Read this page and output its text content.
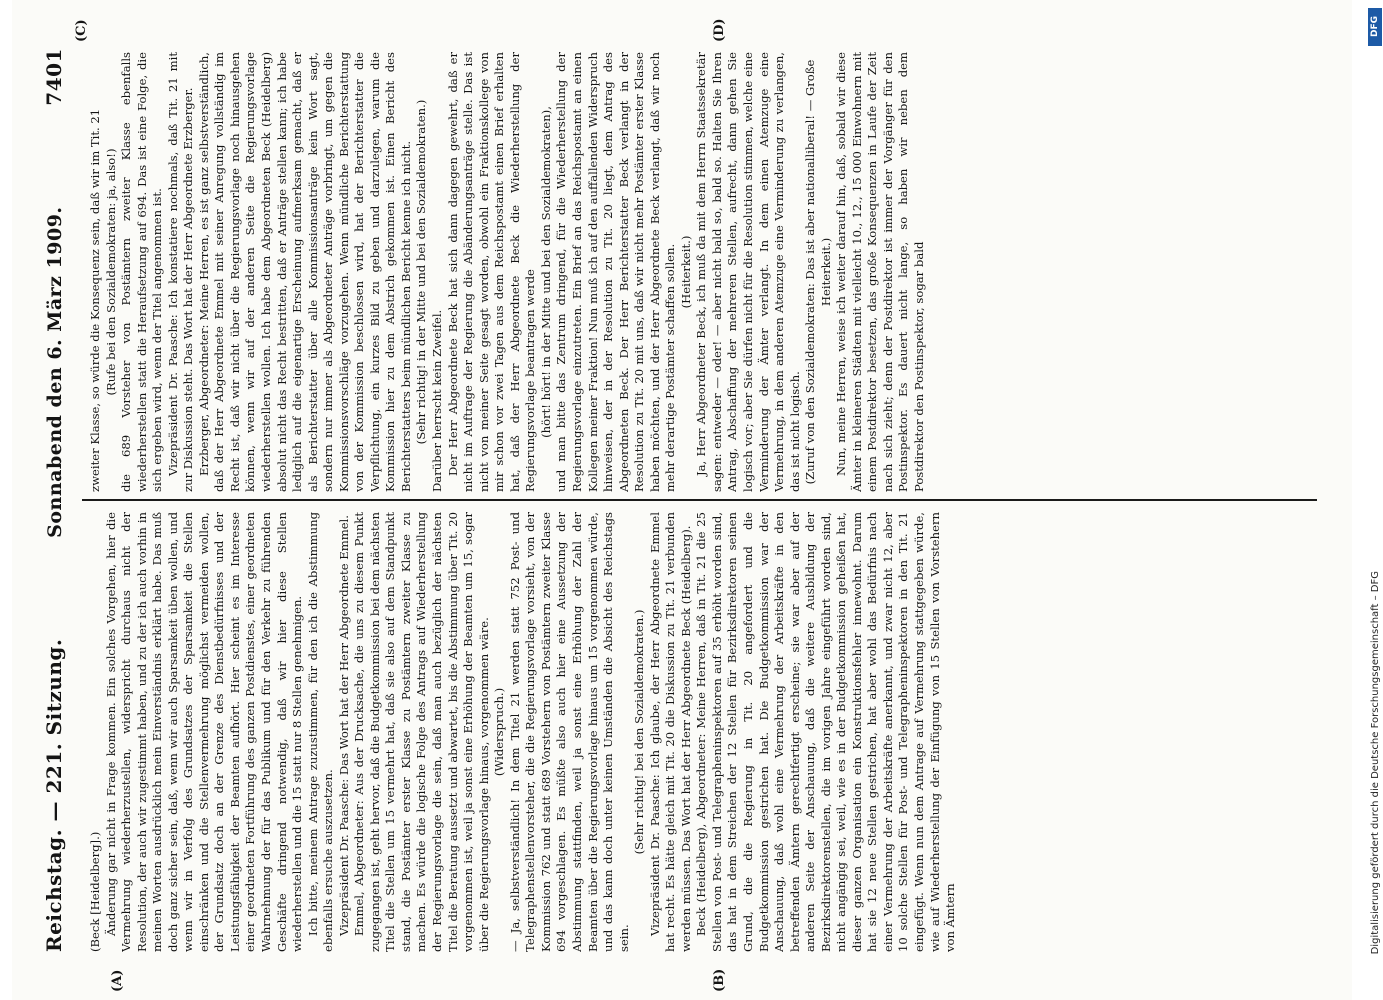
Reichstag. — 221. Sitzung.
Sonnabend den 6. März 1909.
7401
(A)	(B)
(C)	(D)

(Beck [Heidelberg].) Änderung gar nicht in Frage kommen. Ein solches Vorgehen, hier die Vermehrung wiederherzustellen, widerspricht durchaus nicht der Resolution, der auch wir zugestimmt haben, und zu der ich auch vorhin in meinen Worten ausdrücklich mein Einverständnis erklärt habe. Das muß doch ganz sicher sein, daß, wenn wir auch Sparsamkeit üben wollen, und wenn wir in Verfolg des Grundsatzes der Sparsamkeit die Stellen einschränken und die Stellenvermehrung möglichst vermeiden wollen, der Grundsatz doch an der Grenze des Dienstbedürfnisses und der Leistungsfähigkeit der Beamten aufhört. Hier scheint es im Interesse einer geordneten Fortführung des ganzen Postdienstes, einer geordneten Wahrnehmung der für das Publikum und für den Verkehr zu führenden Geschäfte dringend notwendig, daß wir hier diese Stellen wiederherstellen und die 15 statt nur 8 Stellen genehmigen. Ich bitte, meinem Antrage zuzustimmen, für den ich die Abstimmung ebenfalls ersuche auszusetzen. Vizepräsident Dr. Paasche: Das Wort hat der Herr Abgeordnete Emmel. Emmel, Abgeordneter: Aus der Drucksache, die uns zu diesem Punkt zugegangen ist, geht hervor, daß die Budgetkommission bei dem nächsten Titel die Stellen um 15 vermehrt hat, daß sie also auf dem Standpunkt stand, die Postämter erster Klasse zu Postämtern zweiter Klasse zu machen. Es würde die logische Folge des Antrags auf Wiederherstellung der Regierungsvorlage die sein, daß man auch bezüglich der nächsten Titel die Beratung aussetzt und abwartet, bis die Abstimmung über Tit. 20 vorgenommen ist, weil ja sonst eine Erhöhung der Beamten um 15, sogar über die Regierungsvorlage hinaus, vorgenommen wäre. (Widerspruch.) — Ja, selbstverständlich! In dem Titel 21 werden statt 752 Post- und Telegraphenstellenvorsteher, die die Regierungsvorlage vorsieht, von der Kommission 762 und statt 689 Vorstehern von Postämtern zweiter Klasse 694 vorgeschlagen. Es müßte also auch hier eine Aussetzung der Abstimmung stattfinden, weil ja sonst eine Erhöhung der Zahl der Beamten über die Regierungsvorlage hinaus um 15 vorgenommen würde, und das kann doch unter keinen Umständen die Absicht des Reichstags sein.

(Sehr richtig! bei den Sozialdemokraten.) Vizepräsident Dr. Paasche: Ich glaube, der Herr Abgeordnete Emmel hat recht. Es hätte gleich mit Tit. 20 die Diskussion zu Tit. 21 verbunden werden müssen. Das Wort hat der Herr Abgeordnete Beck (Heidelberg). Beck (Heidelberg), Abgeordneter: Meine Herren, daß in Tit. 21 die 25 Stellen von Post- und Telegrapheninspektoren auf 35 erhöht worden sind, das hat in dem Streichen der 12 Stellen für Bezirksdirektoren seinen Grund, die die Regierung in Tit. 20 angefordert und die Budgetkommission gestrichen hat. Die Budgetkommission war der Anschauung, daß wohl eine Vermehrung der Arbeitskräfte in den betreffenden Ämtern gerechtfertigt erscheine; sie war aber auf der anderen Seite der Anschauung, daß die weitere Ausbildung der Bezirksdirektorenstellen, die im vorigen Jahre eingeführt worden sind, nicht angängig sei, weil, wie es in der Budgetkommission geheißen hat, dieser ganzen Organisation ein Konstruktionsfehler innewohnt. Darum hat sie 12 neue Stellen gestrichen, hat aber wohl das Bedürfnis nach einer Vermehrung der Arbeitskräfte anerkannt, und zwar nicht 12, aber 10 solche Stellen für Post- und Telegrapheninspektoren in den Tit. 21 eingefügt. Wenn nun dem Antrage auf Vermehrung stattgegeben würde, wie auf Wiederherstellung der Einfügung von 15 Stellen von Vorstehern von Ämtern

zweiter Klasse, so würde die Konsequenz sein, daß wir im Tit. 21 (Rufe bei den Sozialdemokraten: ja, also!) die 689 Vorsteher von Postämtern zweiter Klasse ebenfalls wiederherstellen statt die Heraufsetzung auf 694. Das ist eine Folge, die sich ergeben wird, wenn der Titel angenommen ist. Vizepräsident Dr. Paasche: Ich konstatiere nochmals, daß Tit. 21 mit zur Diskussion steht. Das Wort hat der Herr Abgeordnete Erzberger. Erzberger, Abgeordneter: Meine Herren, es ist ganz selbstverständlich, daß der Herr Abgeordnete Emmel mit seiner Anregung vollständig im Recht ist, daß wir nicht über die Regierungsvorlage noch hinausgehen können, wenn wir auf der anderen Seite die Regierungsvorlage wiederherstellen wollen. Ich habe dem Abgeordneten Beck (Heidelberg) absolut nicht das Recht bestritten, daß er Anträge stellen kann; ich habe lediglich auf die eigenartige Erscheinung aufmerksam gemacht, daß er als Berichterstatter über alle Kommissionsanträge kein Wort sagt, sondern nur immer als Abgeordneter Anträge vorbringt, um gegen die Kommissionsvorschläge vorzugehen. Wenn mündliche Berichterstattung von der Kommission beschlossen wird, hat der Berichterstatter die Verpflichtung, ein kurzes Bild zu geben und darzulegen, warum die Kommission hier zu dem Abstrich gekommen ist. Einen Bericht des Berichterstatters beim mündlichen Bericht kenne ich nicht. (Sehr richtig! in der Mitte und bei den Sozialdemokraten.) Darüber herrscht kein Zweifel. Der Herr Abgeordnete Beck hat sich dann dagegen gewehrt, daß er nicht im Auftrage der Regierung die Abänderungsanträge stelle. Das ist nicht von meiner Seite gesagt worden, obwohl ein Fraktionskollege von mir schon vor zwei Tagen aus dem Reichspostamt einen Brief erhalten hat, daß der Herr Abgeordnete Beck die Wiederherstellung der Regierungsvorlage beantragen werde (hört! hört! in der Mitte und bei den Sozialdemokraten), und man bitte das Zentrum dringend, für die Wiederherstellung der Regierungsvorlage einzutreten. Ein Brief an das Reichspostamt an einen Kollegen meiner Fraktion! Nun muß ich auf den auffallenden Widerspruch hinweisen, der in der Resolution zu Tit. 20 liegt, dem Antrag des Abgeordneten Beck. Der Herr Berichterstatter Beck verlangt in der Resolution zu Tit. 20 mit uns, daß wir nicht mehr Postämter erster Klasse haben möchten, und der Herr Abgeordnete Beck verlangt, daß wir noch mehr derartige Postämter schaffen sollen. (Heiterkeit.) Ja, Herr Abgeordneter Beck, ich muß da mit dem Herrn Staatssekretär sagen: entweder — oder! — aber nicht bald so, bald so. Halten Sie Ihren Antrag, Abschaffung der mehreren Stellen, aufrecht, dann gehen Sie logisch vor; aber Sie dürfen nicht für die Resolution stimmen, welche eine Verminderung der Ämter verlangt. In dem einen Atemzuge eine Vermehrung, in dem anderen Atemzuge eine Verminderung zu verlangen, das ist nicht logisch. (Zuruf von den Sozialdemokraten: Das ist aber nationalliberal! — Große Heiterkeit.) Nun, meine Herren, weise ich weiter darauf hin, daß, sobald wir diese Ämter in kleineren Städten mit vielleicht 10., 12., 15 000 Einwohnern mit einem Postdirektor besetzen, das große Konsequenzen in Laufe der Zeit nach sich zieht; denn der Postdirektor ist immer der Vorgänger für den Postinspektor. Es dauert nicht lange, so haben wir neben dem Postdirektor den Postinspektor, sogar bald

Digitalisierung gefördert durch die Deutsche Forschungsgemeinschaft – DFG
DFG
